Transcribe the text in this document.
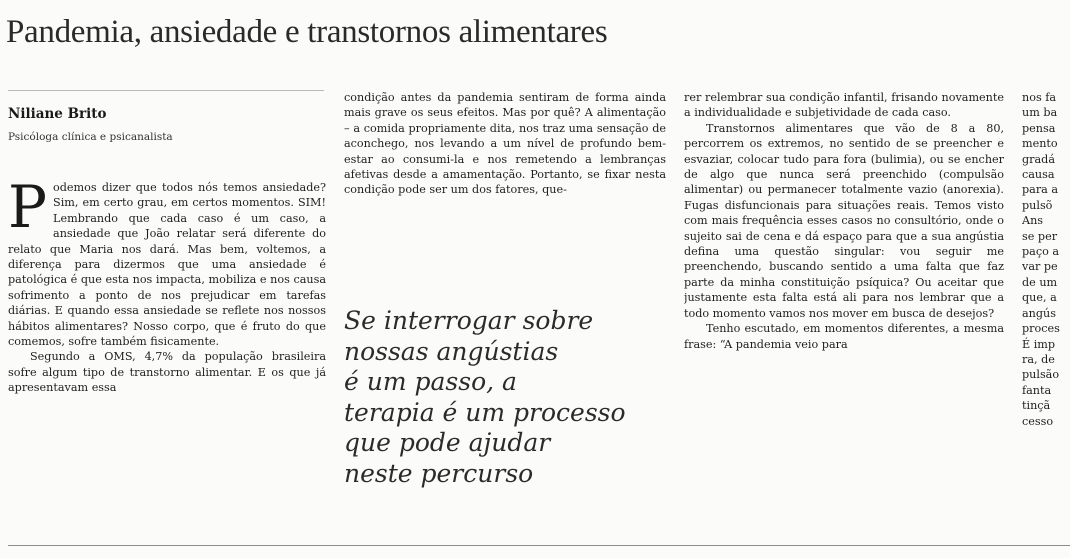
Pandemia, ansiedade e transtornos alimentares
Niliane Brito
Psicóloga clínica e psicanalista

Podemos dizer que todos nós temos ansiedade? Sim, em certo grau, em certos momentos. SIM! Lembrando que cada caso é um caso, a ansiedade que João relatar será diferente do relato que Maria nos dará. Mas bem, voltemos, a diferença para dizermos que uma ansiedade é patológica é que esta nos impacta, mobiliza e nos causa sofrimento a ponto de nos prejudicar em tarefas diárias. E quando essa ansiedade se reflete nos nossos hábitos alimentares? Nosso corpo, que é fruto do que comemos, sofre também fisicamente.

Segundo a OMS, 4,7% da população brasileira sofre algum tipo de transtorno alimentar. E os que já apresentavam essa

condição antes da pandemia sentiram de forma ainda mais grave os seus efeitos. Mas por quê? A alimentação – a comida propriamente dita, nos traz uma sensação de aconchego, nos levando a um nível de profundo bem-estar ao consumi-la e nos remetendo a lembranças afetivas desde a amamentação. Portanto, se fixar nesta condição pode ser um dos fatores, que-

Se interrogar sobre
nossas angústias
é um passo, a
terapia é um processo
que pode ajudar
neste percurso

rer relembrar sua condição infantil, frisando novamente a individualidade e subjetividade de cada caso.

Transtornos alimentares que vão de 8 a 80, percorrem os extremos, no sentido de se preencher e esvaziar, colocar tudo para fora (bulimia), ou se encher de algo que nunca será preenchido (compulsão alimentar) ou permanecer totalmente vazio (anorexia). Fugas disfuncionais para situações reais. Temos visto com mais frequência esses casos no consultório, onde o sujeito sai de cena e dá espaço para que a sua angústia defina uma questão singular: vou seguir me preenchendo, buscando sentido a uma falta que faz parte da minha constituição psíquica? Ou aceitar que justamente esta falta está ali para nos lembrar que a todo momento vamos nos mover em busca de desejos?

Tenho escutado, em momentos diferentes, a mesma frase: “A pandemia veio para

nos fa
um ba
pensa
mento
gradá
causa
para a
pulsõ
Ans
se per
paço a
var pe
de um
que, a
angús
proces
É imp
ra, de
pulsão
fanta
tinçã
cesso
